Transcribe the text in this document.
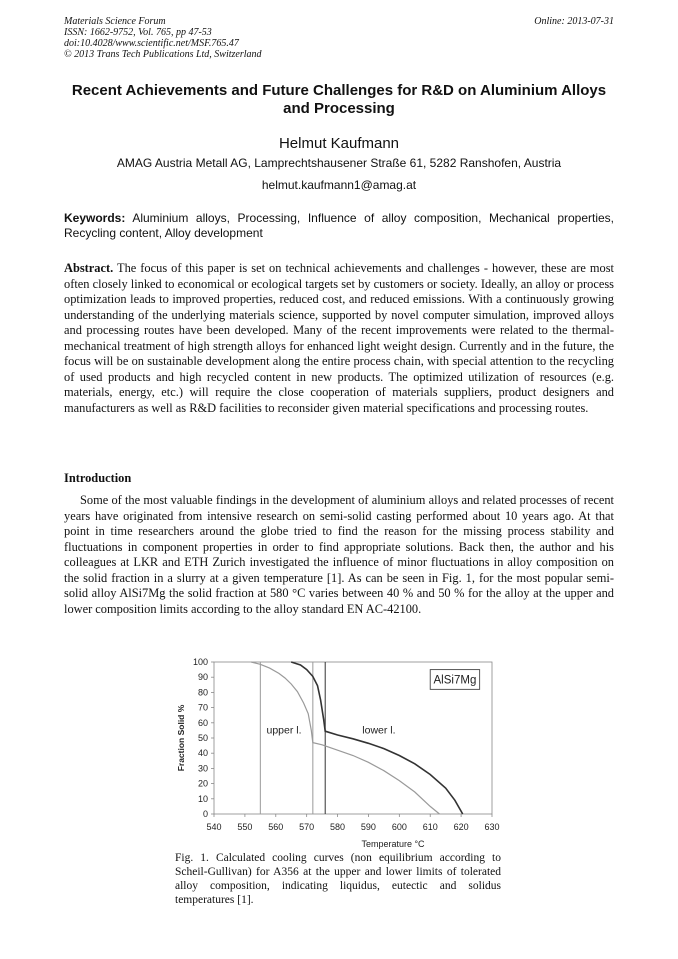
Materials Science Forum
ISSN: 1662-9752, Vol. 765, pp 47-53
doi:10.4028/www.scientific.net/MSF.765.47
© 2013 Trans Tech Publications Ltd, Switzerland
Online: 2013-07-31
Recent Achievements and Future Challenges for R&D on Aluminium Alloys and Processing
Helmut Kaufmann
AMAG Austria Metall AG, Lamprechtshausener Straße 61, 5282 Ranshofen, Austria
helmut.kaufmann1@amag.at
Keywords: Aluminium alloys, Processing, Influence of alloy composition, Mechanical properties, Recycling content, Alloy development
Abstract. The focus of this paper is set on technical achievements and challenges - however, these are most often closely linked to economical or ecological targets set by customers or society. Ideally, an alloy or process optimization leads to improved properties, reduced cost, and reduced emissions. With a continuously growing understanding of the underlying materials science, supported by novel computer simulation, improved alloys and processing routes have been developed. Many of the recent improvements were related to the thermal-mechanical treatment of high strength alloys for enhanced light weight design. Currently and in the future, the focus will be on sustainable development along the entire process chain, with special attention to the recycling of used products and high recycled content in new products. The optimized utilization of resources (e.g. materials, energy, etc.) will require the close cooperation of materials suppliers, product designers and manufacturers as well as R&D facilities to reconsider given material specifications and processing routes.
Introduction
Some of the most valuable findings in the development of aluminium alloys and related processes of recent years have originated from intensive research on semi-solid casting performed about 10 years ago. At that point in time researchers around the globe tried to find the reason for the missing process stability and fluctuations in component properties in order to find appropriate solutions. Back then, the author and his colleagues at LKR and ETH Zurich investigated the influence of minor fluctuations in alloy composition on the solid fraction in a slurry at a given temperature [1]. As can be seen in Fig. 1, for the most popular semi-solid alloy AlSi7Mg the solid fraction at 580 °C varies between 40 % and 50 % for the alloy at the upper and lower composition limits according to the alloy standard EN AC-42100.
0
10
20
30
40
50
60
70
80
90
100
540 550 560 570 580 590 600 610 620 630
Temperature °C
Fraction Solid %	upper l.	lower l.
AlSi7Mg
Fig. 1. Calculated cooling curves (non equilibrium according to Scheil-Gullivan) for A356 at the upper and lower limits of tolerated alloy composition, indicating liquidus, eutectic and solidus temperatures [1].
